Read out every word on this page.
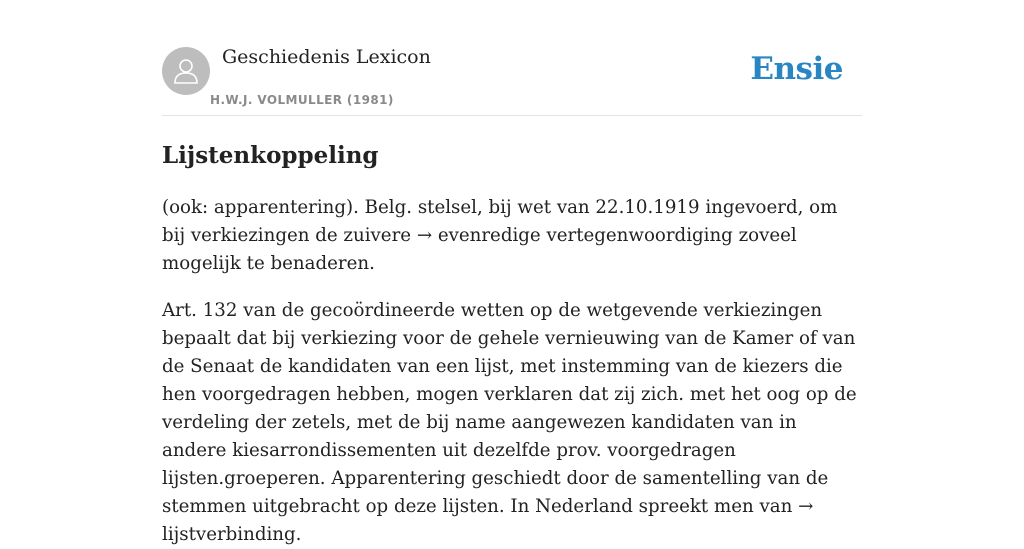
Geschiedenis Lexicon
H.W.J. VOLMULLER (1981)
Ensie
Lijstenkoppeling

(ook: apparentering). Belg. stelsel, bij wet van 22.10.1919 ingevoerd, om bij verkiezingen de zuivere → evenredige vertegenwoordiging zoveel mogelijk te benaderen.

Art. 132 van de gecoördineerde wetten op de wetgevende verkiezingen bepaalt dat bij verkiezing voor de gehele vernieuwing van de Kamer of van de Senaat de kandidaten van een lijst, met instemming van de kiezers die hen voorgedragen hebben, mogen verklaren dat zij zich. met het oog op de verdeling der zetels, met de bij name aangewezen kandidaten van in andere kiesarrondissementen uit dezelfde prov. voorgedragen lijsten.groeperen. Apparentering geschiedt door de samentelling van de stemmen uitgebracht op deze lijsten. In Nederland spreekt men van → lijstverbinding.
